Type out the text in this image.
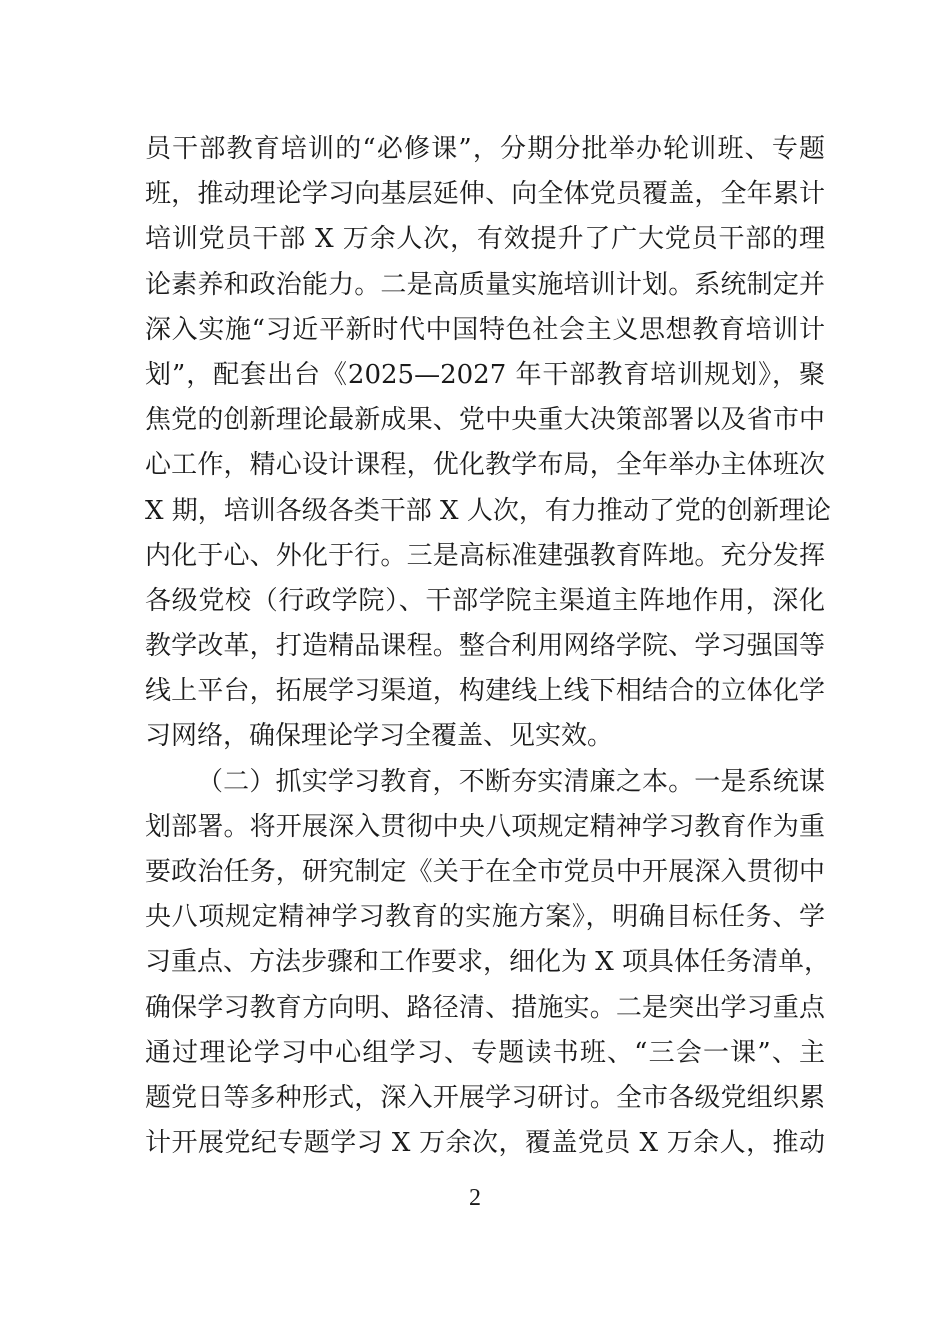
员干部教育培训的“必修课”，分期分批举办轮训班、专题
班，推动理论学习向基层延伸、向全体党员覆盖，全年累计
培训党员干部 X 万余人次，有效提升了广大党员干部的理
论素养和政治能力。二是高质量实施培训计划。系统制定并
深入实施“习近平新时代中国特色社会主义思想教育培训计
划”，配套出台《2025—2027 年干部教育培训规划》，聚
焦党的创新理论最新成果、党中央重大决策部署以及省市中
心工作，精心设计课程，优化教学布局，全年举办主体班次
X 期，培训各级各类干部 X 人次，有力推动了党的创新理论
内化于心、外化于行。三是高标准建强教育阵地。充分发挥
各级党校（行政学院）、干部学院主渠道主阵地作用，深化
教学改革，打造精品课程。整合利用网络学院、学习强国等
线上平台，拓展学习渠道，构建线上线下相结合的立体化学
习网络，确保理论学习全覆盖、见实效。
（二）抓实学习教育，不断夯实清廉之本。一是系统谋
划部署。将开展深入贯彻中央八项规定精神学习教育作为重
要政治任务，研究制定《关于在全市党员中开展深入贯彻中
央八项规定精神学习教育的实施方案》，明确目标任务、学
习重点、方法步骤和工作要求，细化为 X 项具体任务清单，
确保学习教育方向明、路径清、措施实。二是突出学习重点
通过理论学习中心组学习、专题读书班、“三会一课”、主
题党日等多种形式，深入开展学习研讨。全市各级党组织累
计开展党纪专题学习 X 万余次，覆盖党员 X 万余人，推动
2
